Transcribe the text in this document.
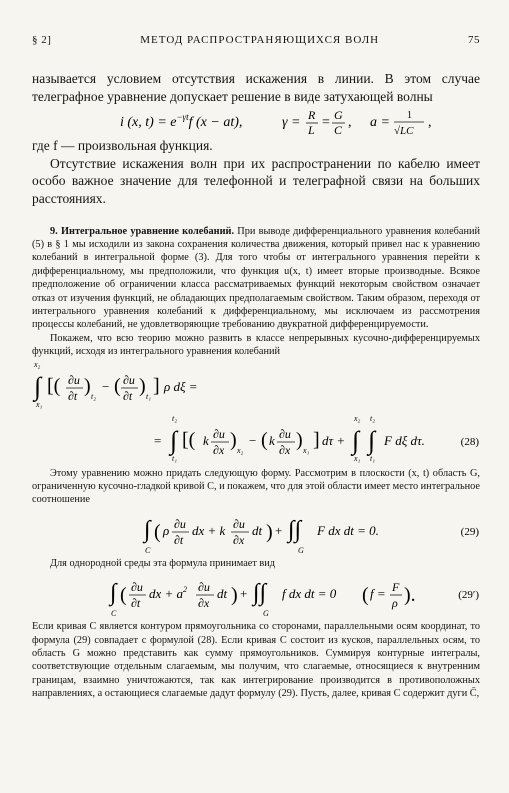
§ 2]	МЕТОД РАСПРОСТРАНЯЮЩИХСЯ ВОЛН	75

называется условием отсутствия искажения в линии. В этом случае телеграфное уравнение допускает решение в виде затухающей волны

i (x, $t) = e^{-\gamma t}f$ (x − at),	γ = R
L = G
C , a = 1
√LC
,

где f — произвольная функция.

Отсутствие искажения волн при их распространении по кабелю имеет особо важное значение для телефонной и телеграфной связи на больших расстояниях.

9. Интегральное уравнение колебаний. При выводе дифференциального уравнения колебаний (5) в § 1 мы исходили из закона сохранения количества движения, который привел нас к уравнению колебаний в интегральной форме (3). Для того чтобы от интегрального уравнения перейти к дифференциальному, мы предположили, что функция u(x, t) имеет вторые производные. Всякое предположение об ограничении класса рассматриваемых функций некоторым свойством означает отказ от изучения функций, не обладающих предполагаемым свойством. Таким образом, переходя от интегрального уравнения колебаний к дифференциальному, мы исключаем из рассмотрения процессы колебаний, не удовлетворяющие требованию двукратной дифференцируемости.

Покажем, что всю теорию можно развить в классе непрерывных кусочно-дифференцируемых функций, исходя из интегрального уравнения колебаний

∫
x₂
x₁
[( ∂u
∂t ) t₂
− ( ∂u
∂t ) t₁ ] ρ dξ =
= ∫
t₂
t₁
[( k ∂u
∂x ) x₂
− ( k ∂u
∂x ) x₁ ] dτ + ∫
x₂
x₁
∫
t₂
t₁
F dξ dτ.	(28)

Этому уравнению можно придать следующую форму. Рассмотрим в плоскости (x, t) область G, ограниченную кусочно-гладкой кривой C, и покажем, что для этой области имеет место интегральное соотношение

∫
C
( ρ ∂u
∂t
dx + k ∂u
∂x
dt ) + ∫∫
G
F dx dt = 0.	(29)

Для однородной среды эта формула принимает вид

∫
C
( ∂u
∂t
dx + $a^2$ ∂u
∂x
dt ) + ∫∫
G
f dx dt = 0 ( f = F
ρ ).	(29′)

Если кривая C является контуром прямоугольника со сторонами, параллельными осям координат, то формула (29) совпадает с формулой (28). Если кривая C состоит из кусков, параллельных осям, то область G можно представить как сумму прямоугольников. Суммируя контурные интегралы, соответствующие отдельным слагаемым, мы получим, что слагаемые, относящиеся к внутренним границам, взаимно уничтожаются, так как интегрирование производится в противоположных направлениях, а остающиеся слагаемые дадут формулу (29). Пусть, далее, кривая C содержит дуги C̄,
